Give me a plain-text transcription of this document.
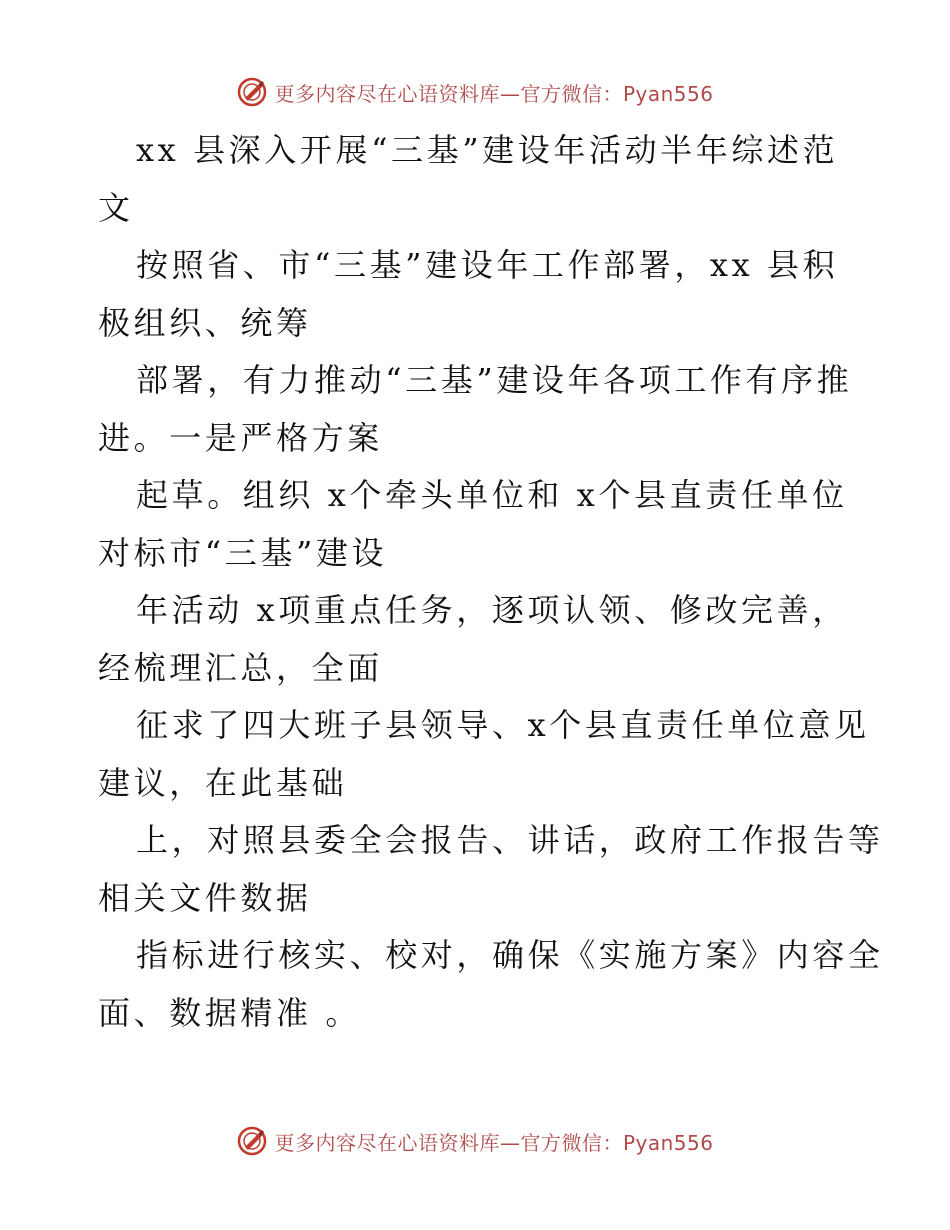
更多内容尽在心语资料库—官方微信：Pyan556
xx 县深入开展“三基”建设年活动半年综述范
文
按照省、市“三基”建设年工作部署，xx 县积
极组织、统筹
部署，有力推动“三基”建设年各项工作有序推
进。一是严格方案
起草。组织 x个牵头单位和 x个县直责任单位
对标市“三基”建设
年活动 x项重点任务，逐项认领、修改完善，
经梳理汇总，全面
征求了四大班子县领导、x个县直责任单位意见
建议，在此基础
上，对照县委全会报告、讲话，政府工作报告等
相关文件数据
指标进行核实、校对，确保《实施方案》内容全
面、数据精准 。
更多内容尽在心语资料库—官方微信：Pyan556
